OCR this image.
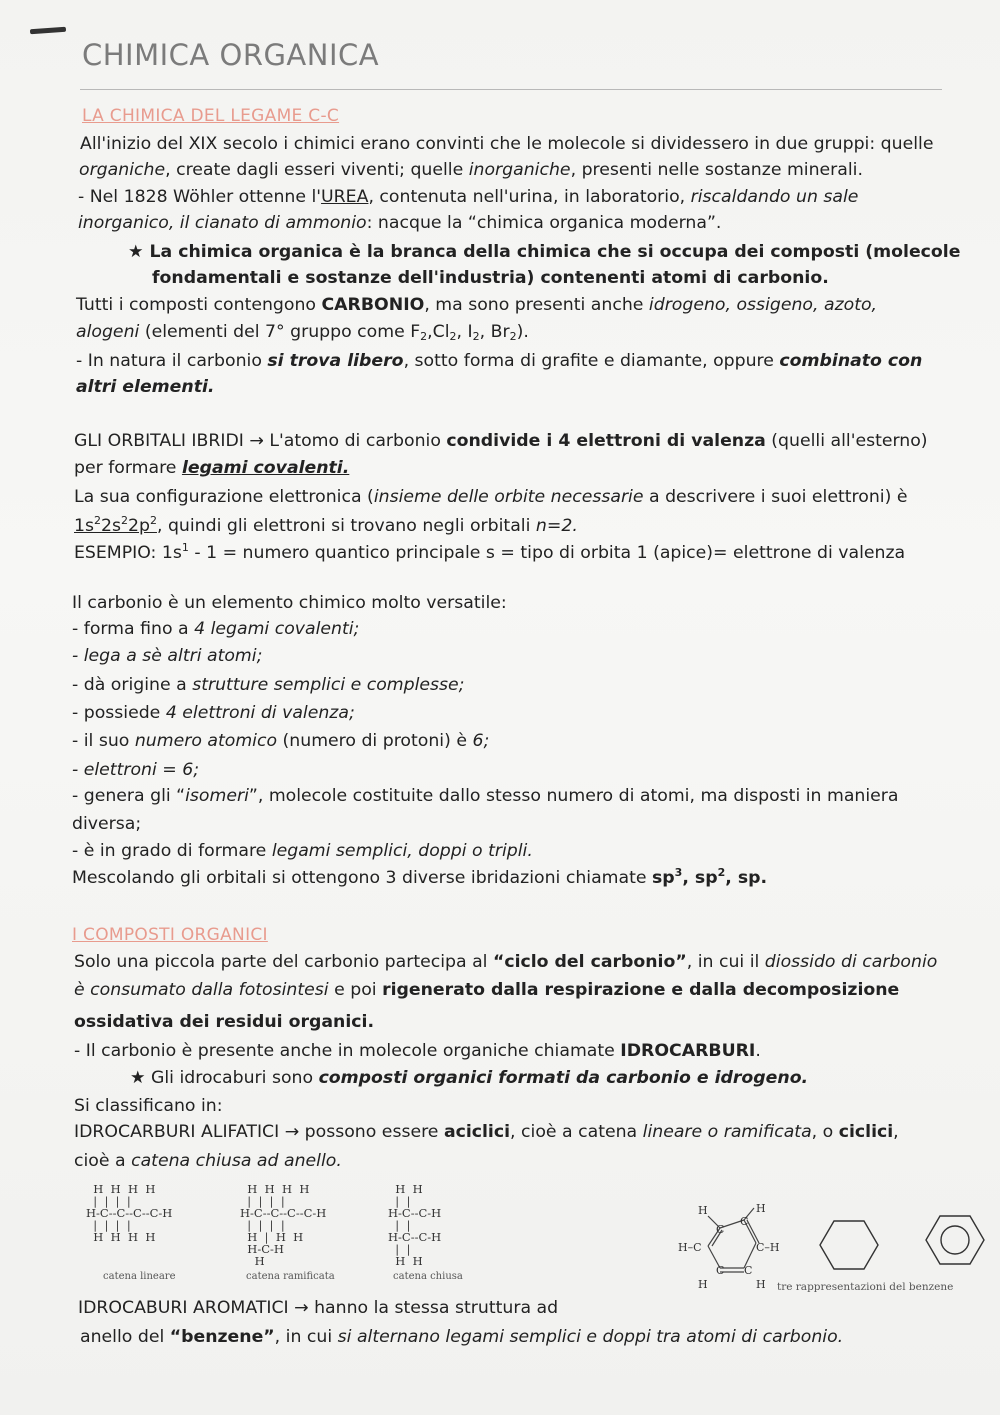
CHIMICA ORGANICA
LA CHIMICA DEL LEGAME C-C
All'inizio del XIX secolo i chimici erano convinti che le molecole si dividessero in due gruppi: quelle
organiche, create dagli esseri viventi; quelle inorganiche, presenti nelle sostanze minerali.
- Nel 1828 Wöhler ottenne l'UREA, contenuta nell'urina, in laboratorio, riscaldando un sale
inorganico, il cianato di ammonio: nacque la “chimica organica moderna”.
★ La chimica organica è la branca della chimica che si occupa dei composti (molecole
fondamentali e sostanze dell'industria) contenenti atomi di carbonio.
Tutti i composti contengono CARBONIO, ma sono presenti anche idrogeno, ossigeno, azoto,
alogeni (elementi del 7° gruppo come $F_2,Cl_2$, $I_2$, $Br_2$).
- In natura il carbonio si trova libero, sotto forma di grafite e diamante, oppure combinato con
altri elementi.
GLI ORBITALI IBRIDI → L'atomo di carbonio condivide i 4 elettroni di valenza (quelli all'esterno)
per formare legami covalenti.
La sua configurazione elettronica (insieme delle orbite necessarie a descrivere i suoi elettroni) è
$1s^22s^22p^2$, quindi gli elettroni si trovano negli orbitali n=2.
ESEMPIO: $1s^1 - 1$ = numero quantico principale s = tipo di orbita 1 (apice)= elettrone di valenza
Il carbonio è un elemento chimico molto versatile:
- forma fino a 4 legami covalenti;
- lega a sè altri atomi;
- dà origine a strutture semplici e complesse;
- possiede 4 elettroni di valenza;
- il suo numero atomico (numero di protoni) è 6;
- elettroni = 6;
- genera gli “isomeri”, molecole costituite dallo stesso numero di atomi, ma disposti in maniera
diversa;
- è in grado di formare legami semplici, doppi o tripli.
Mescolando gli orbitali si ottengono 3 diverse ibridazioni chiamate $sp^3$, $sp^2$, sp.
I COMPOSTI ORGANICI
Solo una piccola parte del carbonio partecipa al “ciclo del carbonio”, in cui il diossido di carbonio
è consumato dalla fotosintesi e poi rigenerato dalla respirazione e dalla decomposizione
ossidativa dei residui organici.
- Il carbonio è presente anche in molecole organiche chiamate IDROCARBURI.
★ Gli idrocaburi sono composti organici formati da carbonio e idrogeno.
Si classificano in:
IDROCARBURI ALIFATICI → possono essere aciclici, cioè a catena lineare o ramificata, o ciclici,
cioè a catena chiusa ad anello.
H  H  H  H
|  |  |  |
H-C--C--C--C-H
|  |  |  |
H  H  H  H
H  H  H  H
|  |  |  |
H-C--C--C--C-H
|  |  |  |
H  |  H  H
H-C-H
H
H  H
|  |
H-C--C-H
|  |
H-C--C-H
|  |
H  H
catena lineare	catena ramificata	catena chiusa
H	H
C
C
H–C	C–H
C C
H	H tre rappresentazioni del benzene
IDROCABURI AROMATICI → hanno la stessa struttura ad
anello del “benzene”, in cui si alternano legami semplici e doppi tra atomi di carbonio.
